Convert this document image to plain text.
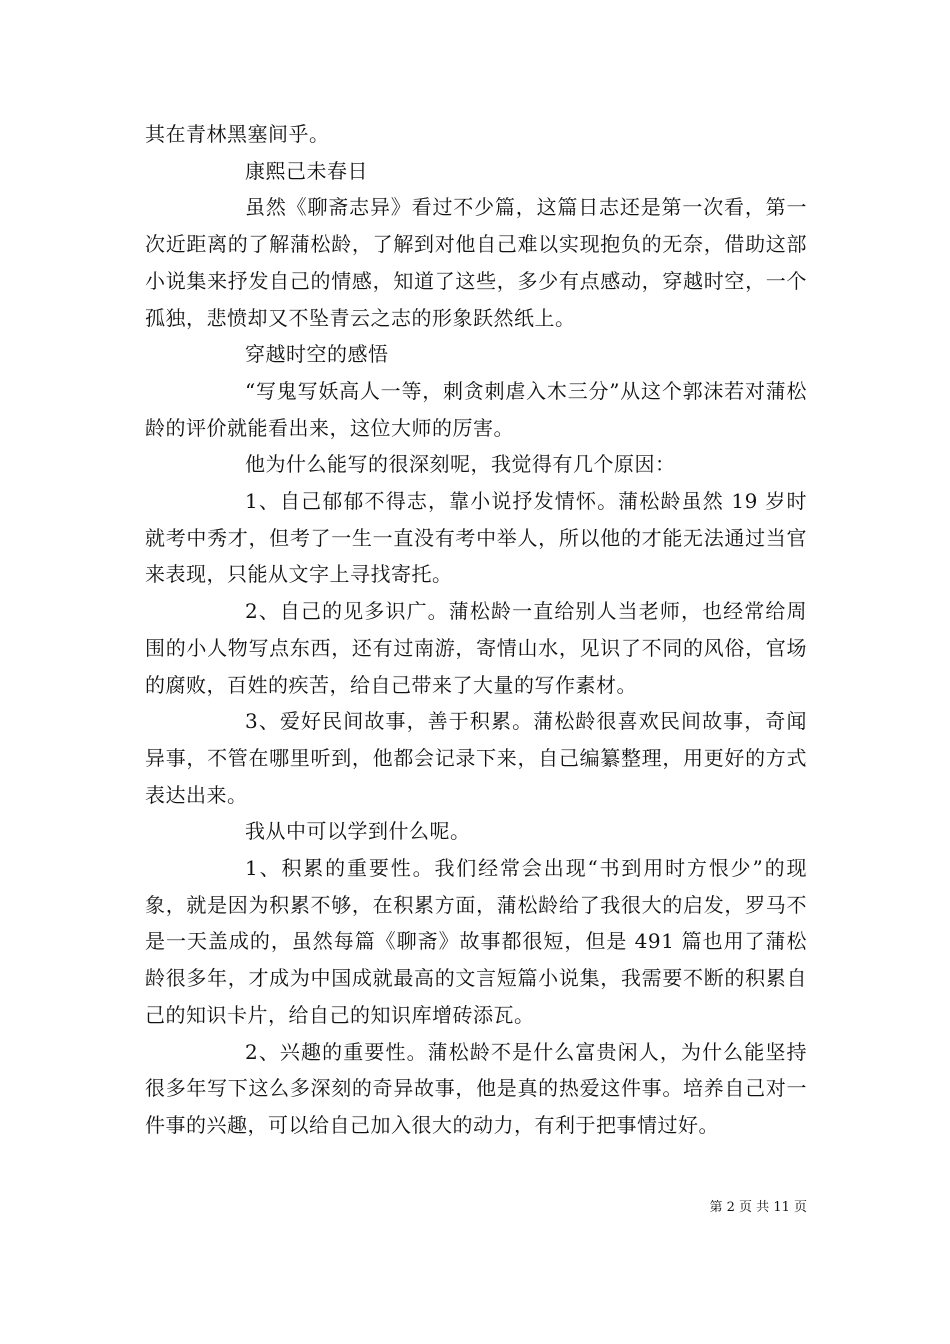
其在青林黑塞间乎。

康熙己未春日

虽然《聊斋志异》看过不少篇，这篇日志还是第一次看，第一次近距离的了解蒲松龄，了解到对他自己难以实现抱负的无奈，借助这部小说集来抒发自己的情感，知道了这些，多少有点感动，穿越时空，一个孤独，悲愤却又不坠青云之志的形象跃然纸上。

穿越时空的感悟

“写鬼写妖高人一等，刺贪刺虐入木三分”从这个郭沫若对蒲松龄的评价就能看出来，这位大师的厉害。

他为什么能写的很深刻呢，我觉得有几个原因：

1、自己郁郁不得志，靠小说抒发情怀。蒲松龄虽然 19 岁时就考中秀才，但考了一生一直没有考中举人，所以他的才能无法通过当官来表现，只能从文字上寻找寄托。

2、自己的见多识广。蒲松龄一直给别人当老师，也经常给周围的小人物写点东西，还有过南游，寄情山水，见识了不同的风俗，官场的腐败，百姓的疾苦，给自己带来了大量的写作素材。

3、爱好民间故事，善于积累。蒲松龄很喜欢民间故事，奇闻异事，不管在哪里听到，他都会记录下来，自己编纂整理，用更好的方式表达出来。

我从中可以学到什么呢。

1、积累的重要性。我们经常会出现“书到用时方恨少”的现象，就是因为积累不够，在积累方面，蒲松龄给了我很大的启发，罗马不是一天盖成的，虽然每篇《聊斋》故事都很短，但是 491 篇也用了蒲松龄很多年，才成为中国成就最高的文言短篇小说集，我需要不断的积累自己的知识卡片，给自己的知识库增砖添瓦。

2、兴趣的重要性。蒲松龄不是什么富贵闲人，为什么能坚持很多年写下这么多深刻的奇异故事，他是真的热爱这件事。培养自己对一件事的兴趣，可以给自己加入很大的动力，有利于把事情过好。

第 2 页 共 11 页
